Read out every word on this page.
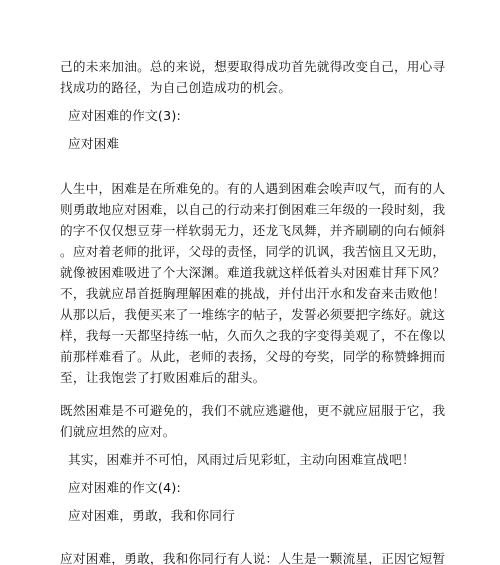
己的未来加油。总的来说，想要取得成功首先就得改变自己，用心寻
找成功的路径，为自己创造成功的机会。
应对困难的作文(3):
应对困难
人生中，困难是在所难免的。有的人遇到困难会唉声叹气，而有的人
则勇敢地应对困难，以自己的行动来打倒困难三年级的一段时刻，我
的字不仅仅想豆芽一样软弱无力，还龙飞凤舞，并齐刷刷的向右倾斜
。应对着老师的批评，父母的责怪，同学的讥讽，我苦恼且又无助，
就像被困难吸进了个大深渊。难道我就这样低着头对困难甘拜下风？
不，我就应昂首挺胸理解困难的挑战，并付出汗水和发奋来击败他！
从那以后，我便买来了一堆练字的帖子，发誓必须要把字练好。就这
样，我每一天都坚持练一帖，久而久之我的字变得美观了，不在像以
前那样难看了。从此，老师的表扬，父母的夸奖，同学的称赞蜂拥而
至，让我饱尝了打败困难后的甜头。
既然困难是不可避免的，我们不就应逃避他，更不就应屈服于它，我
们就应坦然的应对。
其实，困难并不可怕，风雨过后见彩虹，主动向困难宣战吧！
应对困难的作文(4):
应对困难，勇敢，我和你同行
应对困难，勇敢，我和你同行有人说：人生是一颗流星，正因它短暂
